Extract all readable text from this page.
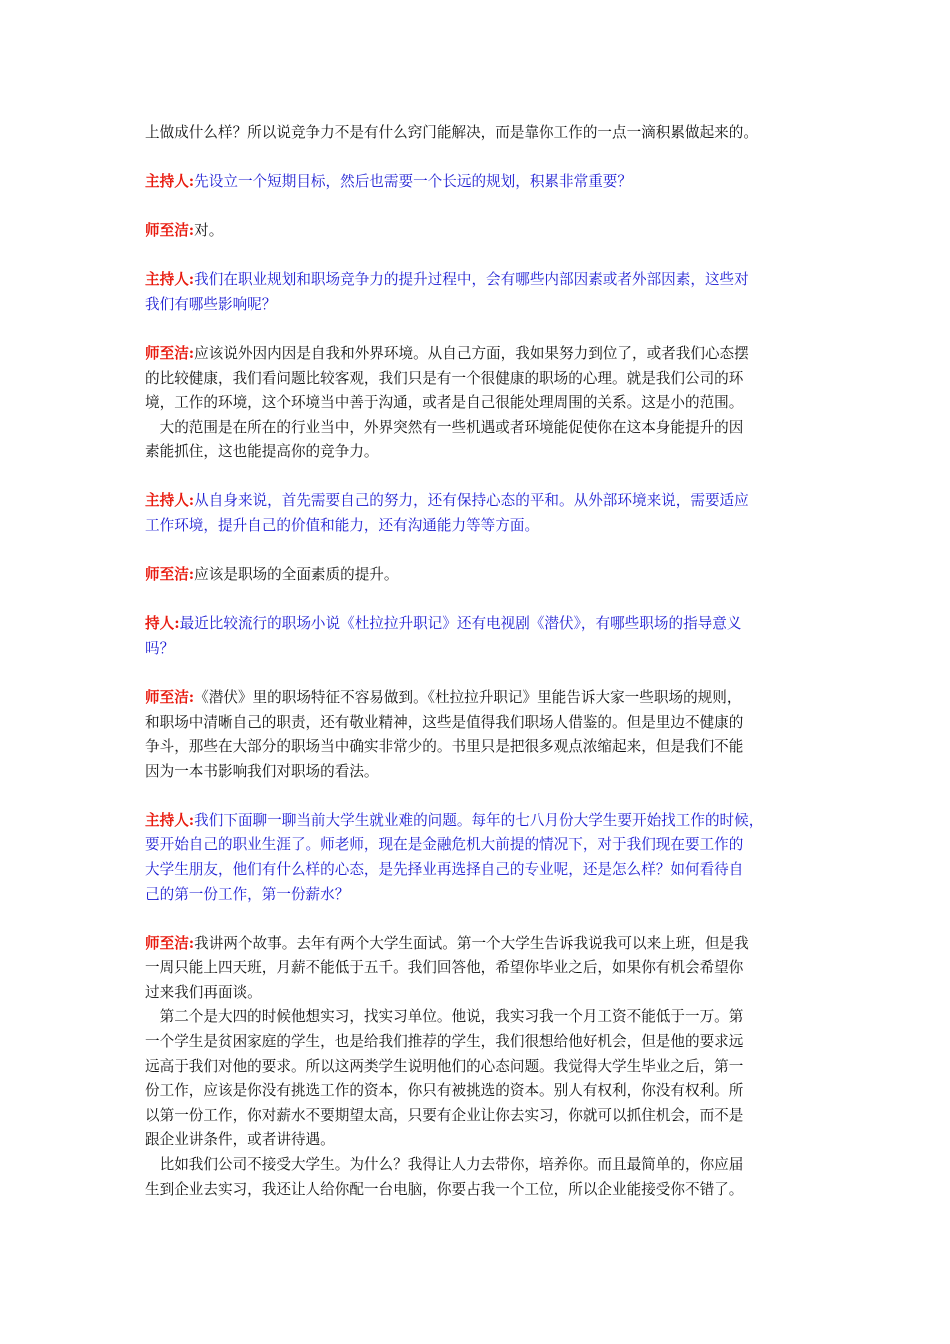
上做成什么样？所以说竞争力不是有什么窍门能解决，而是靠你工作的一点一滴积累做起来的。
主持人:先设立一个短期目标，然后也需要一个长远的规划，积累非常重要？
师至洁:对。
主持人:我们在职业规划和职场竞争力的提升过程中，会有哪些内部因素或者外部因素，这些对
我们有哪些影响呢？
师至洁:应该说外因内因是自我和外界环境。从自己方面，我如果努力到位了，或者我们心态摆
的比较健康，我们看问题比较客观，我们只是有一个很健康的职场的心理。就是我们公司的环
境，工作的环境，这个环境当中善于沟通，或者是自己很能处理周围的关系。这是小的范围。
　大的范围是在所在的行业当中，外界突然有一些机遇或者环境能促使你在这本身能提升的因
素能抓住，这也能提高你的竞争力。
主持人:从自身来说，首先需要自己的努力，还有保持心态的平和。从外部环境来说，需要适应
工作环境，提升自己的价值和能力，还有沟通能力等等方面。
师至洁:应该是职场的全面素质的提升。
持人:最近比较流行的职场小说《杜拉拉升职记》还有电视剧《潜伏》，有哪些职场的指导意义
吗？
师至洁:《潜伏》里的职场特征不容易做到。《杜拉拉升职记》里能告诉大家一些职场的规则，
和职场中清晰自己的职责，还有敬业精神，这些是值得我们职场人借鉴的。但是里边不健康的
争斗，那些在大部分的职场当中确实非常少的。书里只是把很多观点浓缩起来，但是我们不能
因为一本书影响我们对职场的看法。
主持人:我们下面聊一聊当前大学生就业难的问题。每年的七八月份大学生要开始找工作的时候，
要开始自己的职业生涯了。师老师，现在是金融危机大前提的情况下，对于我们现在要工作的
大学生朋友，他们有什么样的心态，是先择业再选择自己的专业呢，还是怎么样？如何看待自
己的第一份工作，第一份薪水？
师至洁:我讲两个故事。去年有两个大学生面试。第一个大学生告诉我说我可以来上班，但是我
一周只能上四天班，月薪不能低于五千。我们回答他，希望你毕业之后，如果你有机会希望你
过来我们再面谈。
　第二个是大四的时候他想实习，找实习单位。他说，我实习我一个月工资不能低于一万。第
一个学生是贫困家庭的学生，也是给我们推荐的学生，我们很想给他好机会，但是他的要求远
远高于我们对他的要求。所以这两类学生说明他们的心态问题。我觉得大学生毕业之后，第一
份工作，应该是你没有挑选工作的资本，你只有被挑选的资本。别人有权利，你没有权利。所
以第一份工作，你对薪水不要期望太高，只要有企业让你去实习，你就可以抓住机会，而不是
跟企业讲条件，或者讲待遇。
　比如我们公司不接受大学生。为什么？我得让人力去带你，培养你。而且最简单的，你应届
生到企业去实习，我还让人给你配一台电脑，你要占我一个工位，所以企业能接受你不错了。
